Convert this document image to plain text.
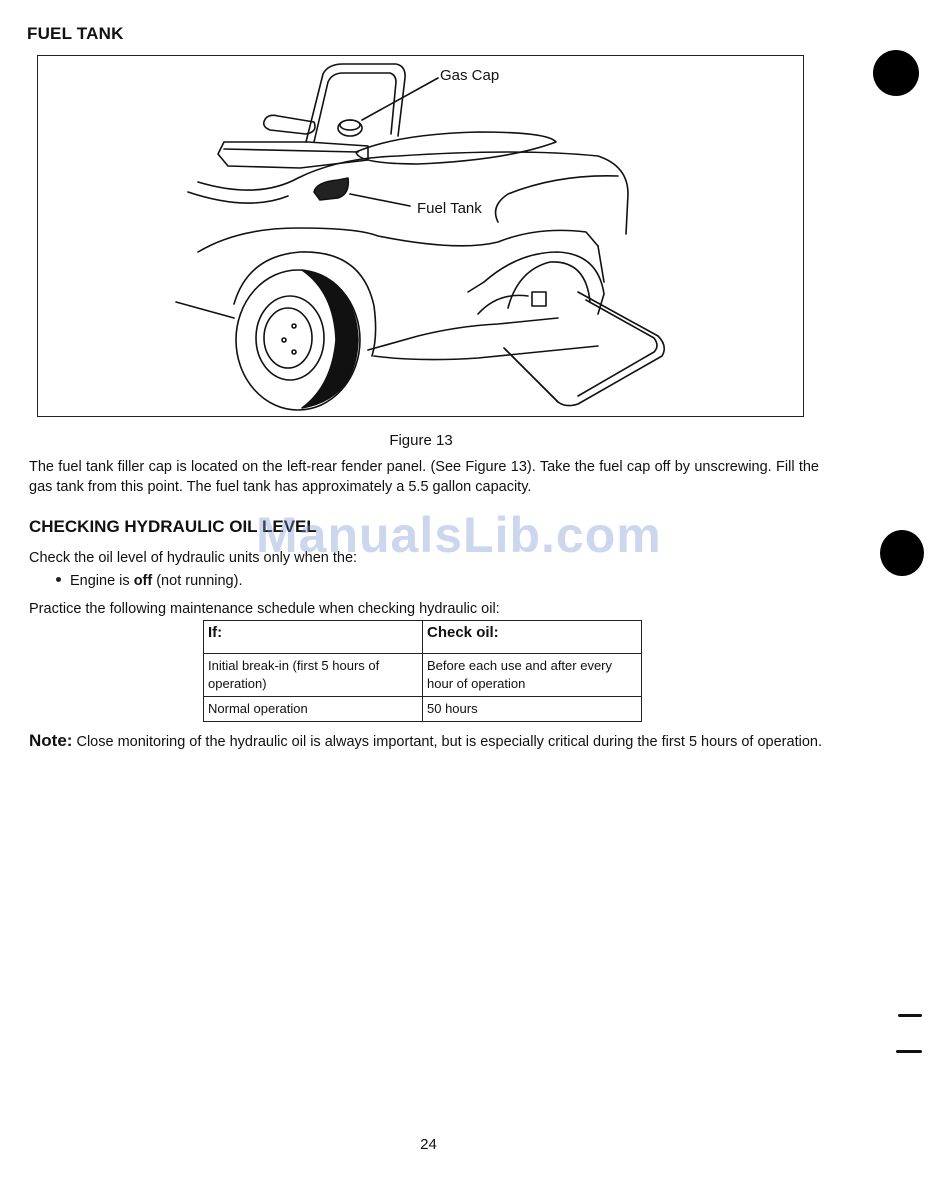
FUEL TANK
Gas Cap
Fuel Tank
Figure 13
The fuel tank filler cap is located on the left-rear fender panel. (See Figure 13). Take the fuel cap off by unscrewing. Fill the gas tank from this point. The fuel tank has approximately a 5.5 gallon capacity.
CHECKING HYDRAULIC OIL LEVEL
Check the oil level of hydraulic units only when the:
Engine is off (not running).
Practice the following maintenance schedule when checking hydraulic oil:
If:	Check oil:
Initial break-in (first 5 hours of operation)	Before each use and after every hour of operation
Normal operation	50 hours
Note: Close monitoring of the hydraulic oil is always important, but is especially critical during the first 5 hours of operation.
ManualsLib.com
24
